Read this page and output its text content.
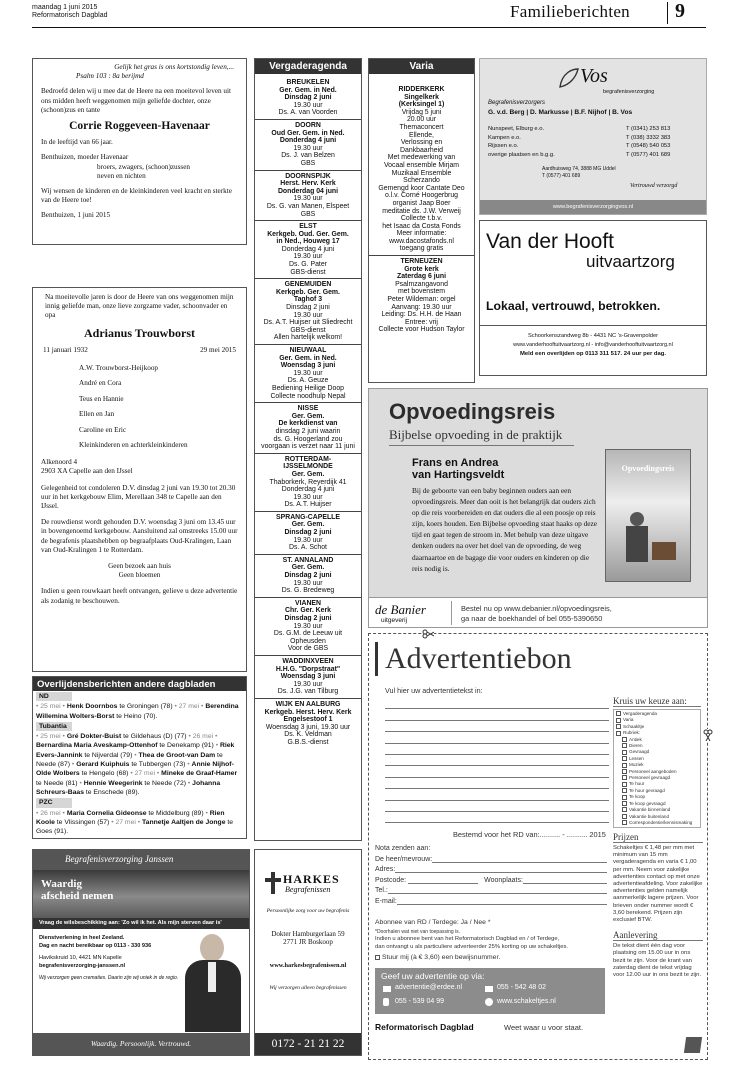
maandag 1 juni 2015
Reformatorisch Dagblad	Familieberichten	9
Gelijk het gras is ons kortstondig leven,...
Psalm 103 : 8a berijmd
Bedroefd delen wij u mee dat de Heere na een moeitevol leven uit ons midden heeft weggenomen mijn geliefde dochter, onze (schoon)zus en tante
Corrie Roggeveen-Havenaar
In de leeftijd van 66 jaar.
Benthuizen, moeder Havenaar
broers, zwagers, (schoon)zussen
neven en nichten
Wij wensen de kinderen en de kleinkinderen veel kracht en sterkte van de Heere toe!
Benthuizen, 1 juni 2015
Na moeitevolle jaren is door de Heere van ons weggenomen mijn innig geliefde man, onze lieve zorgzame vader, schoonvader en opa
Adrianus Trouwborst
11 januari 1932	29 mei 2015
A.W. Trouwborst-Heijkoop
André en Cora
Teus en Hannie
Ellen en Jan
Caroline en Eric
Kleinkinderen en achterkleinkinderen
Alkenoord 4
2903 XA Capelle aan den IJssel
Gelegenheid tot condoleren D.V. dinsdag 2 juni van 19.30 tot 20.30 uur in het kerkgebouw Elim, Merellaan 348 te Capelle aan den IJssel.
De rouwdienst wordt gehouden D.V. woensdag 3 juni om 13.45 uur in bovengenoemd kerkgebouw. Aansluitend zal omstreeks 15.00 uur de begrafenis plaatshebben op begraafplaats Oud-Kralingen, Laan van Oud-Kralingen 1 te Rotterdam.
Geen bezoek aan huis
Geen bloemen
Indien u geen rouwkaart heeft ontvangen, gelieve u deze advertentie als zodanig te beschouwen.
Overlijdensberichten andere dagbladen
ND
• 25 mei • Henk Doornbos te Groningen (78) • 27 mei • Berendina Willemina Wolters-Borst te Heino (70).
Tubantia
• 25 mei • Gré Dokter-Buist te Gildehaus (D) (77) • 26 mei • Bernardina Maria Aveskamp-Ottenhof te Denekamp (91) • Riek Evers-Jannink te Nijverdal (79) • Thea de Groot-van Dam te Neede (87) • Gerard Kuiphuis te Tubbergen (73) • Annie Nijhof-Olde Wolbers te Hengelo (68) • 27 mei • Mineke de Graaf-Hamer te Neede (81) • Hennie Weegerink te Neede (72) • Johanna Schreurs-Baas te Enschede (89).
PZC
• 26 mei • Maria Cornelia Gideonse te Middelburg (89) • Rien Koole te Vlissingen (57) • 27 mei • Tannetje Aaltjen de Jonge te Goes (91).
Begrafenisverzorging Janssen
Waardig
afscheid nemen
Vraag de wilsbeschikking aan: 'Zo wil ik het. Als mijn sterven daar is'
Dienstverlening in heel Zeeland.
Dag en nacht bereikbaar op 0113 - 330 936
Havikskruid 10, 4421 MN Kapelle
begrafenisverzorging-janssen.nl
Wij verzorgen geen crematies. Daarin zijn wij uniek in de regio.
Waardig. Persoonlijk. Vertrouwd.
HARKES
Begrafenissen
Persoonlijke zorg voor uw begrafenis
Dokter Hamburgerlaan 59
2771 JR Boskoop
www.harkesbegrafenissen.nl
Wij verzorgen alleen begrafenissen
0172 - 21 21 22
Vergaderagenda
BREUKELEN
Ger. Gem. in Ned.
Dinsdag 2 juni
19.30 uur
Ds. A. van Voorden
DOORN
Oud Ger. Gem. in Ned.
Donderdag 4 juni
19.30 uur
Ds. J. van Belzen
GBS
DOORNSPIJK
Herst. Herv. Kerk
Donderdag 04 juni
19.30 uur
Ds. G. van Manen, Elspeet
GBS
ELST
Kerkgeb. Oud. Ger. Gem.
in Ned., Houweg 17
Donderdag 4 juni
19.30 uur
Ds. G. Pater
GBS-dienst
GENEMUIDEN
Kerkgeb. Ger. Gem.
Taghof 3
Dinsdag 2 juni
19.30 uur
Ds. A.T. Huijser uit Sliedrecht
GBS-dienst
Allen hartelijk welkom!
NIEUWAAL
Ger. Gem. in Ned.
Woensdag 3 juni
19.30 uur
Ds. A. Geuze
Bediening Heilige Doop
Collecte noodhulp Nepal
NISSE
Ger. Gem.
De kerkdienst van
dinsdag 2 juni waarin
ds. G. Hoogerland zou
voorgaan is verzet naar 11 juni
ROTTERDAM-
IJSSELMONDE
Ger. Gem.
Thaborkerk, Reyerdijk 41
Donderdag 4 juni
19.30 uur
Ds. A.T. Huijser
SPRANG-CAPELLE
Ger. Gem.
Dinsdag 2 juni
19.30 uur
Ds. A. Schot
ST. ANNALAND
Ger. Gem.
Dinsdag 2 juni
19.30 uur
Ds. G. Bredeweg
VIANEN
Chr. Ger. Kerk
Dinsdag 2 juni
19.30 uur
Ds. G.M. de Leeuw uit
Opheusden
Voor de GBS
WADDINXVEEN
H.H.G. "Dorpstraat"
Woensdag 3 juni
19.30 uur
Ds. J.G. van Tilburg
WIJK EN AALBURG
Kerkgeb. Herst. Herv. Kerk
Engelsestoof 1
Woensdag 3 juni, 19.30 uur
Ds. K. Veldman
G.B.S.-dienst
Varia
RIDDERKERK
Singelkerk
(Kerksingel 1)
Vrijdag 5 juni
20.00 uur
Themaconcert
Ellende,
Verlossing en
Dankbaarheid
Met medewerking van
Vocaal ensemble Mirjam
Muzikaal Ensemble
Scherzando
Gemengd koor Cantate Deo
o.l.v. Corné Hoogerbrug
organist Jaap Boer
meditatie ds. J.W. Verweij
Collecte t.b.v.
het Isaac da Costa Fonds
Meer informatie:
www.dacostafonds.nl
toegang gratis
TERNEUZEN
Grote kerk
Zaterdag 6 juni
Psalmzangavond
met bovenstem
Peter Wildeman: orgel
Aanvang: 19.30 uur
Leiding: Ds. H.H. de Haan
Entree: vrij
Collecte voor Hudson Taylor
Vos
begrafenisverzorging
Begrafenisverzorgers
G. v.d. Berg | D. Markusse | B.F. Nijhof | B. Vos
Nunspeet, Elburg e.o.	T (0341) 253 813
Kampen e.o.	T (038) 3332 383
Rijssen e.o.	T (0548) 540 053
overige plaatsen en b.g.g.	T (0577) 401 689
Aardhuisweg 74, 3888 MG Uddel
T (0577) 401 689
Vertrouwd verzorgd
www.begrafenisverzorgingvos.nl
Van der Hooft
uitvaartzorg
Lokaal, vertrouwd, betrokken.
Schoorkenszandweg 8b - 4431 NC 's-Gravenpolder
www.vanderhooftuitvaartzorg.nl - info@vanderhooftuitvaartzorg.nl
Meld een overlijden op 0113 311 517. 24 uur per dag.
Opvoedingsreis
Bijbelse opvoeding in de praktijk
Frans en Andrea
van Hartingsveldt
Bij de geboorte van een baby beginnen ouders aan een opvoedingsreis. Meer dan ooit is het belangrijk dat ouders zich op die reis voorbereiden en dat ouders die al een poosje op reis zijn, koers houden. Een Bijbelse opvoeding staat haaks op deze tijd en gaat tegen de stroom in. Met behulp van deze uitgave denken ouders na over het doel van de opvoeding, de weg daarnaartoe en de bagage die voor ouders en kinderen op die reis nodig is.
Opvoedingsreis
de Banier
uitgeverij
Bestel nu op www.debanier.nl/opvoedingsreis,
ga naar de boekhandel of bel 055-5390650
Advertentiebon
Vul hier uw advertentietekst in:
Kruis uw keuze aan:
Vergaderagenda
Varia
Schaakltje
Rubriek:
Antiek
Dieren
Gevraagd
Lessen
Muziek
Personeel aangeboden
Personeel gevraagd
Te huur
Te huur gevraagd
Te koop
Te koop gevraagd
Vakantie binnenland
Vakantie buitenland
Correspondentie/kennismaking
Bestemd voor het RD van:.......... - .......... 2015
Nota zenden aan:
De heer/mevrouw:
Adres:
Postcode:	Woonplaats:
Tel.:
E-mail:
Abonnee van RD / Terdege: Ja / Nee *
*Doorhalen wat niet van toepassing is.
Indien u abonnee bent van het Reformatorisch Dagblad en / of Terdege,
dan ontvangt u als particuliere adverteerder 25% korting op uw schakeltjes.
Stuur mij (à € 3,60) een bewijsnummer.
Geef uw advertentie op via:
advertentie@erdee.nl	055 - 542 48 02
055 - 539 04 99	www.schakeltjes.nl
Reformatorisch Dagblad	Weet waar u voor staat.
Prijzen
Schakeltjes € 1,48 per mm met minimum van 15 mm vergaderagenda en varia € 1,00 per mm. Neem voor zakelijke advertenties contact op met onze advertentieafdeling. Voor zakelijke advertenties gelden namelijk aanmerkelijk lagere prijzen. Voor brieven onder nummer wordt € 3,60 berekend. Prijzen zijn exclusief BTW.
Aanlevering
De tekst dient één dag voor plaatsing om 15.00 uur in ons bezit te zijn. Voor de krant van zaterdag dient de tekst vrijdag voor 12.00 uur in ons bezit te zijn.
